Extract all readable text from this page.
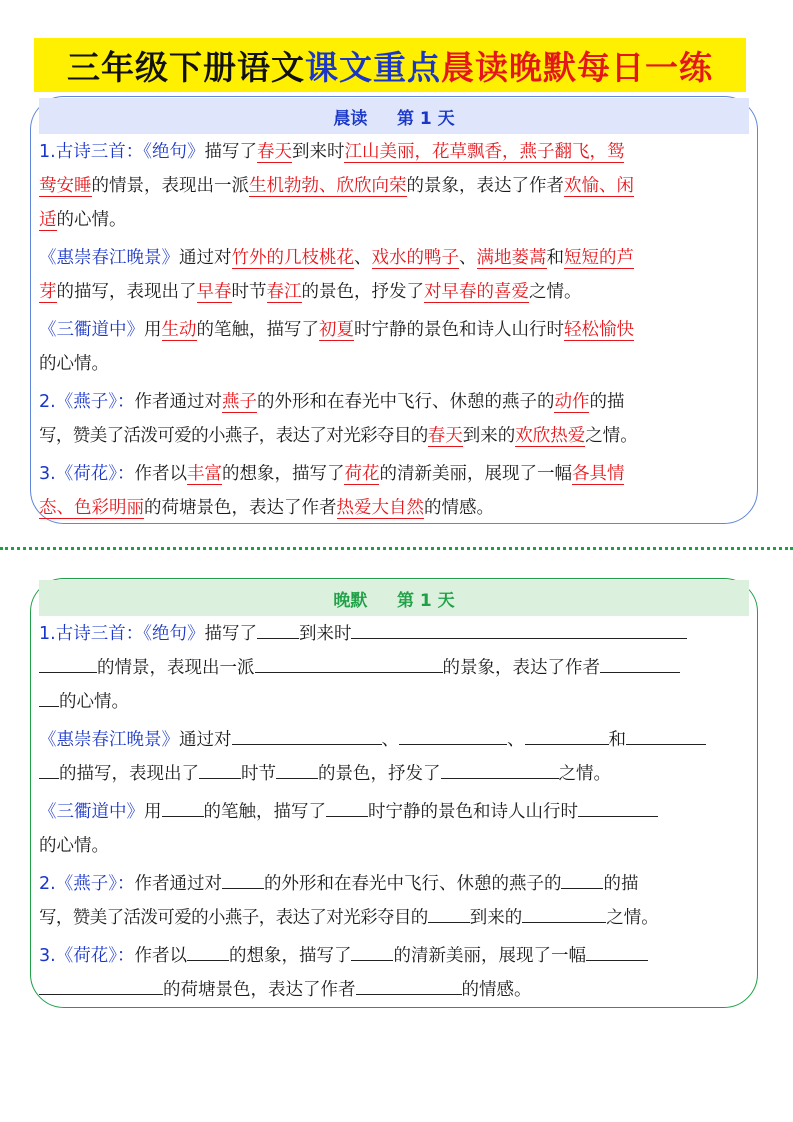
三年级下册语文 课文重点 晨读晚默每日一练
晨读     第 1 天

1.古诗三首：《绝句》描写了春天到来时江山美丽，花草飘香，燕子翻飞，鸳
鸯安睡的情景，表现出一派生机勃勃、欣欣向荣的景象，表达了作者欢愉、闲
适的心情。

《惠崇春江晚景》通过对竹外的几枝桃花、戏水的鸭子、满地蒌蒿和短短的芦
芽的描写，表现出了早春时节春江的景色，抒发了对早春的喜爱之情。

《三衢道中》用生动的笔触，描写了初夏时宁静的景色和诗人山行时轻松愉快
的心情。

2.《燕子》：作者通过对燕子的外形和在春光中飞行、休憩的燕子的动作的描
写，赞美了活泼可爱的小燕子，表达了对光彩夺目的春天到来的欢欣热爱之情。

3.《荷花》：作者以丰富的想象，描写了荷花的清新美丽，展现了一幅各具情
态、色彩明丽的荷塘景色，表达了作者热爱大自然的情感。

晚默     第 1 天

1.古诗三首：《绝句》描写了 到来时
的情景，表现出一派	的景象，表达了作者
的心情。

《惠崇春江晚景》通过对	、	、	和
的描写，表现出了 时节 的景色，抒发了	之情。

《三衢道中》用 的笔触，描写了 时宁静的景色和诗人山行时
的心情。

2.《燕子》：作者通过对 的外形和在春光中飞行、休憩的燕子的 的描
写，赞美了活泼可爱的小燕子，表达了对光彩夺目的 到来的	之情。

3.《荷花》：作者以 的想象，描写了 的清新美丽，展现了一幅
的荷塘景色，表达了作者	的情感。
